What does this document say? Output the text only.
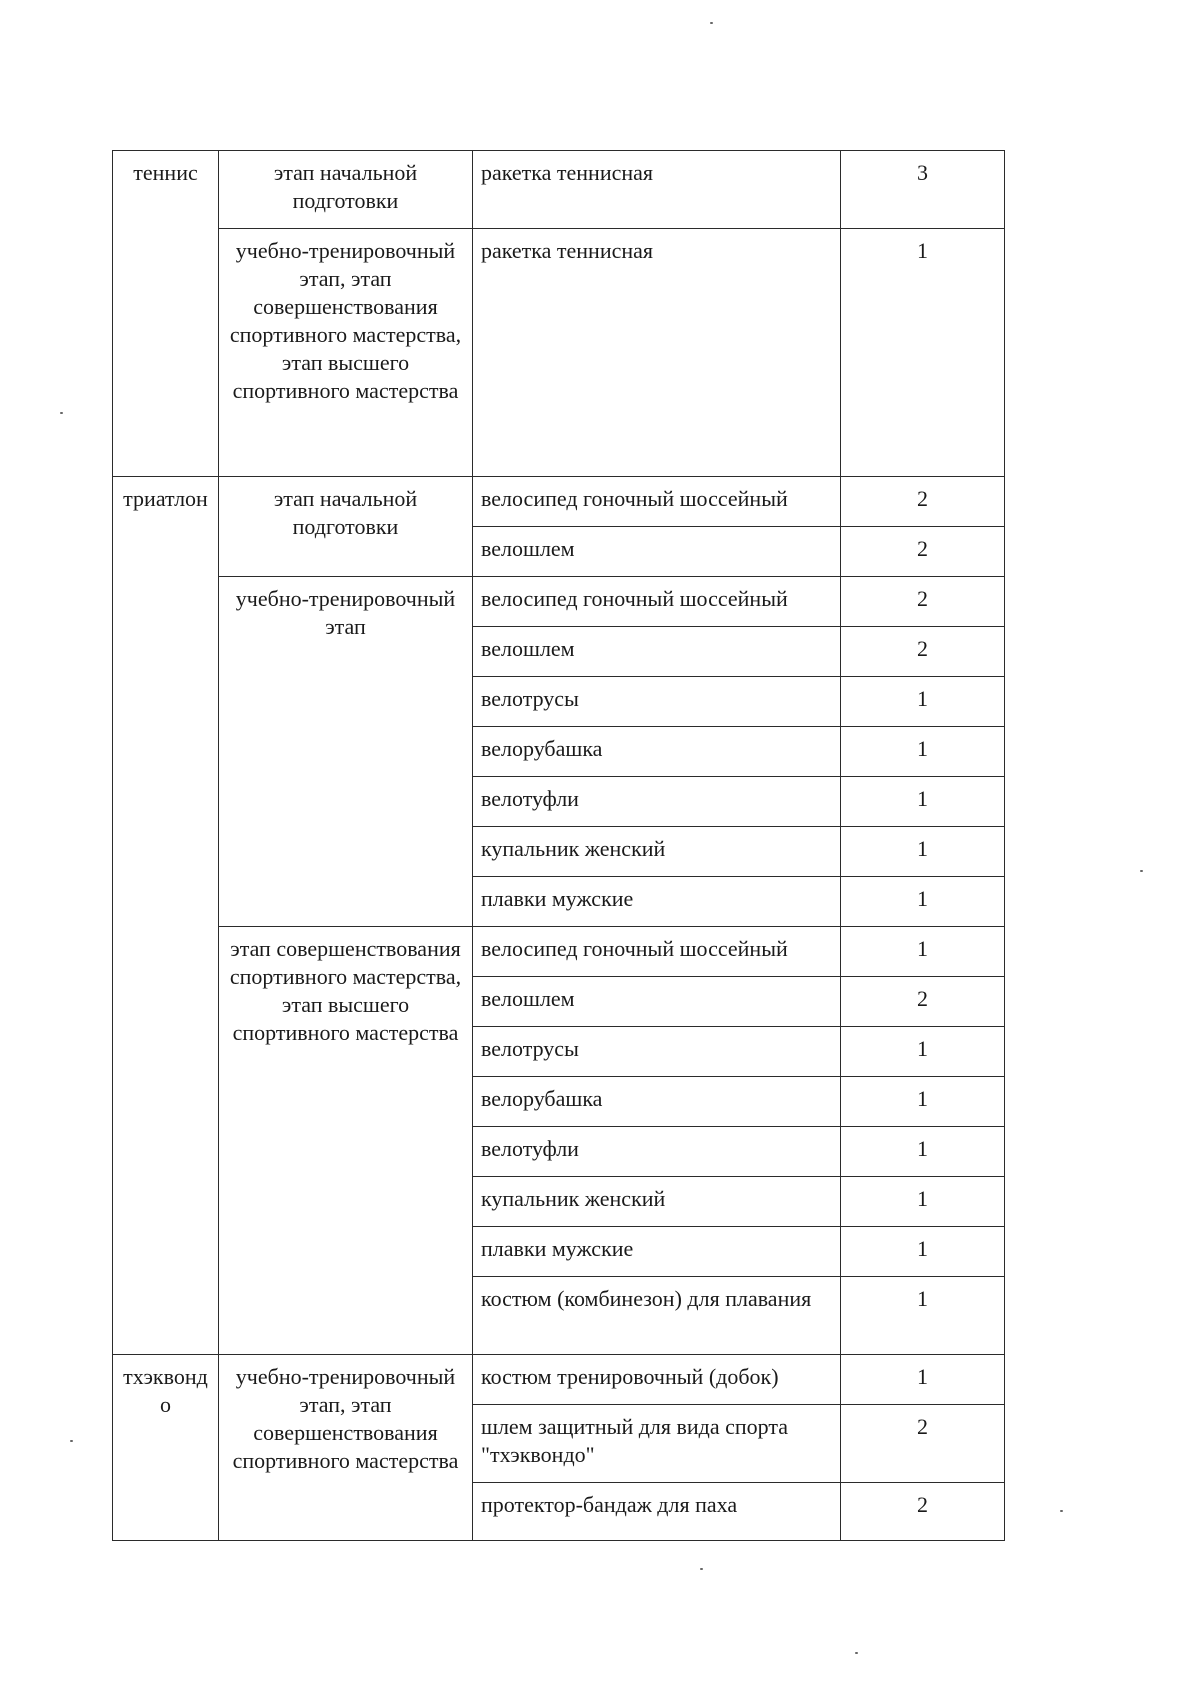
теннис	этап начальной подготовки	ракетка теннисная	3
	учебно-тренировочный этап, этап совершенствования спортивного мастерства, этап высшего спортивного мастерства	ракетка теннисная	1
триатлон	этап начальной подготовки	велосипед гоночный шоссейный	2
		велошлем	2
	учебно-тренировочный этап	велосипед гоночный шоссейный	2
		велошлем	2
		велотрусы	1
		велорубашка	1
		велотуфли	1
		купальник женский	1
		плавки мужские	1
	этап совершенствования спортивного мастерства, этап высшего спортивного мастерства	велосипед гоночный шоссейный	1
		велошлем	2
		велотрусы	1
		велорубашка	1
		велотуфли	1
		купальник женский	1
		плавки мужские	1
		костюм (комбинезон) для плавания	1
тхэквондо	учебно-тренировочный этап, этап совершенствования спортивного мастерства	костюм тренировочный (добок)	1
		шлем защитный для вида спорта "тхэквондо"	2
		протектор-бандаж для паха	2
